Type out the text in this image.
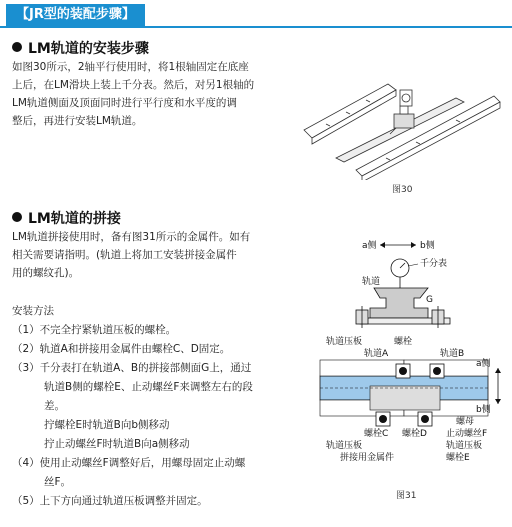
【JR型的装配步骤】
LM轨道的安装步骤
如图30所示，2轴平行使用时，将1根轴固定在底座
上后，在LM滑块上装上千分表。然后，对另1根轴的
LM轨道侧面及顶面同时进行平行度和水平度的调
整后，再进行安装LM轨道。
图30
LM轨道的拼接
LM轨道拼接使用时，备有图31所示的金属件。如有
相关需要请指明。(轨道上将加工安装拼接金属件
用的螺纹孔)。
安装方法
（1）不完全拧紧轨道压板的螺栓。
（2）轨道A和拼接用金属件由螺栓C、D固定。
（3）千分表打在轨道A、B的拼接部侧面G上，通过
轨道B侧的螺栓E、止动螺丝F来调整左右的段
差。
拧螺栓E时轨道B向b侧移动
拧止动螺丝F时轨道B向a侧移动
（4）使用止动螺丝F调整好后，用螺母固定止动螺
丝F。
（5）上下方向通过轨道压板调整并固定。
a侧	b侧
千分表
轨道
G
轨道压板	螺栓
轨道A	轨道B
a侧
b侧
螺母
止动螺丝F
轨道压板
螺栓C 螺栓D
轨道压板
拼接用金属件	螺栓E
图31
